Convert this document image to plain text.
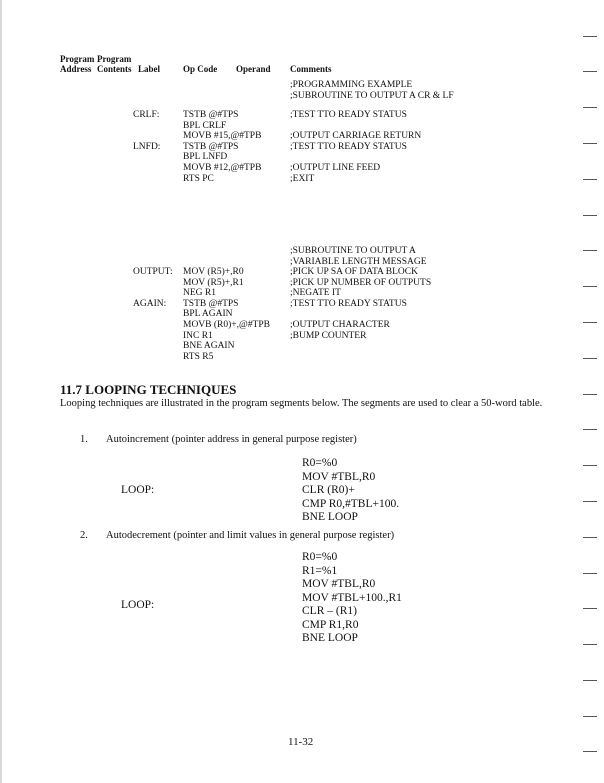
Program
Address
Program
Contents Label	Op Code Operand Comments
;PROGRAMMING EXAMPLE
;SUBROUTINE TO OUTPUT A CR & LF
CRLF:
LNFD:
TSTB @#TPS
BPL CRLF
MOVB #15,@#TPB
TSTB @#TPS
BPL LNFD
MOVB #12,@#TPB
RTS PC
;TEST TTO READY STATUS
;OUTPUT CARRIAGE RETURN
;TEST TTO READY STATUS
;OUTPUT LINE FEED
;EXIT
;SUBROUTINE TO OUTPUT A
;VARIABLE LENGTH MESSAGE
OUTPUT:
AGAIN:
MOV (R5)+,R0
MOV (R5)+,R1
NEG R1
TSTB @#TPS
BPL AGAIN
MOVB (R0)+,@#TPB
INC R1
BNE AGAIN
RTS R5
;PICK UP SA OF DATA BLOCK
;PICK UP NUMBER OF OUTPUTS
;NEGATE IT
;TEST TTO READY STATUS
;OUTPUT CHARACTER
;BUMP COUNTER
11.7 LOOPING TECHNIQUES
Looping techniques are illustrated in the program segments below. The segments are used to clear a 50-word table.
1. Autoincrement (pointer address in general purpose register)
LOOP:
R0=%0
MOV #TBL,R0
CLR (R0)+
CMP R0,#TBL+100.
BNE LOOP
2. Autodecrement (pointer and limit values in general purpose register)
LOOP:
R0=%0
R1=%1
MOV #TBL,R0
MOV #TBL+100.,R1
CLR – (R1)
CMP R1,R0
BNE LOOP
11-32
